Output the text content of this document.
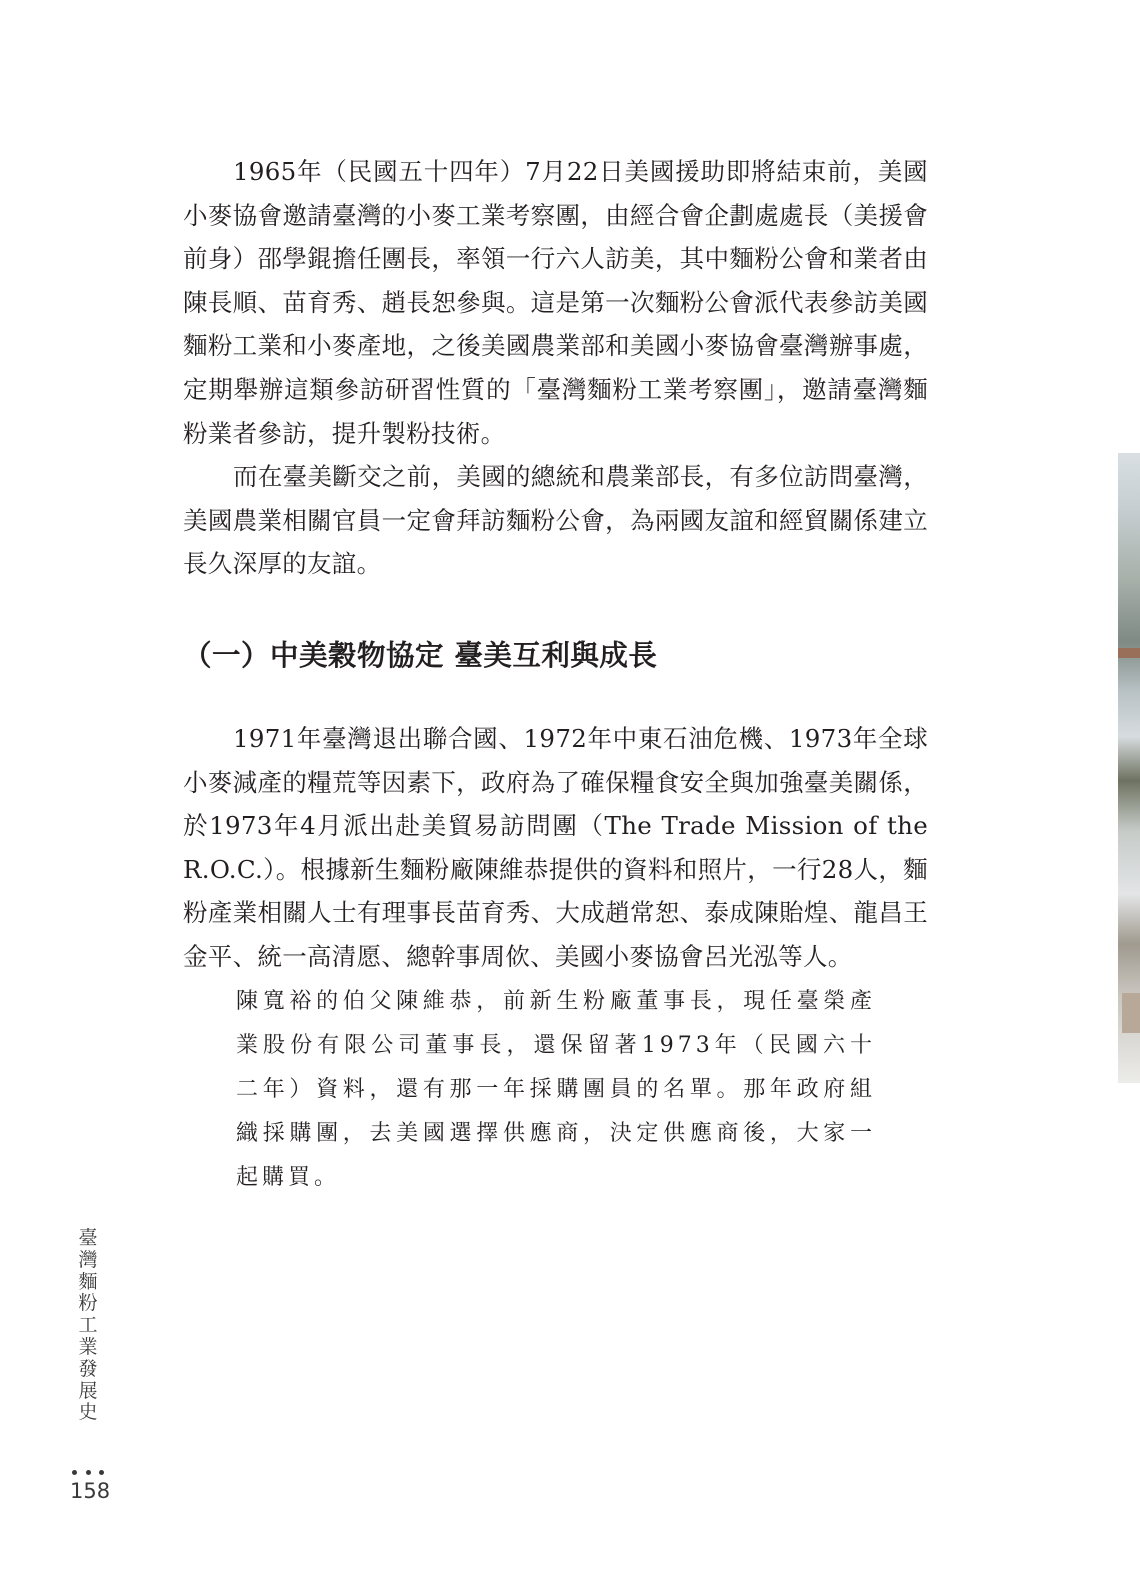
1965年（民國五十四年）7月22日美國援助即將結束前，美國小麥協會邀請臺灣的小麥工業考察團，由經合會企劃處處長（美援會前身）邵學錕擔任團長，率領一行六人訪美，其中麵粉公會和業者由陳長順、苗育秀、趙長恕參與。這是第一次麵粉公會派代表參訪美國麵粉工業和小麥產地，之後美國農業部和美國小麥協會臺灣辦事處，定期舉辦這類參訪研習性質的「臺灣麵粉工業考察團」，邀請臺灣麵粉業者參訪，提升製粉技術。

而在臺美斷交之前，美國的總統和農業部長，有多位訪問臺灣，美國農業相關官員一定會拜訪麵粉公會，為兩國友誼和經貿關係建立長久深厚的友誼。

（一）中美穀物協定 臺美互利與成長

1971年臺灣退出聯合國、1972年中東石油危機、1973年全球小麥減產的糧荒等因素下，政府為了確保糧食安全與加強臺美關係，於1973年4月派出赴美貿易訪問團（The Trade Mission of the R.O.C.）。根據新生麵粉廠陳維恭提供的資料和照片，一行28人，麵粉產業相關人士有理事長苗育秀、大成趙常恕、泰成陳貽煌、龍昌王金平、統一高清愿、總幹事周佽、美國小麥協會呂光泓等人。

陳寬裕的伯父陳維恭，前新生粉廠董事長，現任臺榮產業股份有限公司董事長，還保留著1973年（民國六十二年）資料，還有那一年採購團員的名單。那年政府組織採購團，去美國選擇供應商，決定供應商後，大家一起購買。

臺灣麵粉工業發展史

158
